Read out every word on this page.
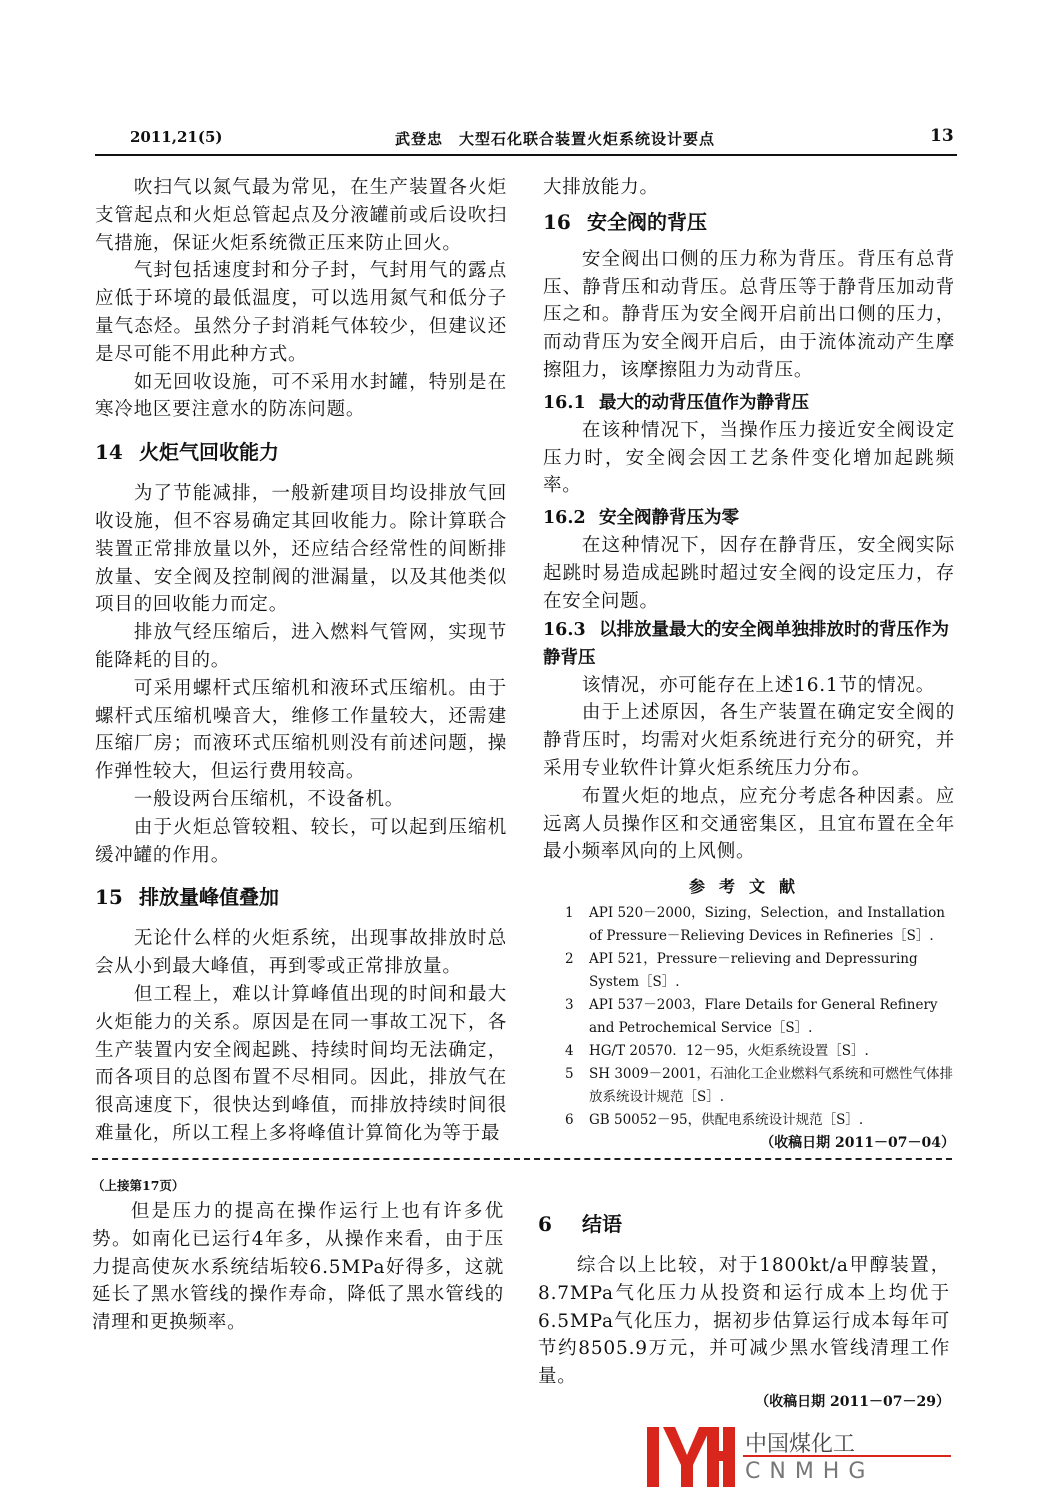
2011,21(5)	武登忠　大型石化联合装置火炬系统设计要点	13

吹扫气以氮气最为常见，在生产装置各火炬支管起点和火炬总管起点及分液罐前或后设吹扫气措施，保证火炬系统微正压来防止回火。

气封包括速度封和分子封，气封用气的露点应低于环境的最低温度，可以选用氮气和低分子量气态烃。虽然分子封消耗气体较少，但建议还是尽可能不用此种方式。

如无回收设施，可不采用水封罐，特别是在寒冷地区要注意水的防冻问题。

14 火炬气回收能力

为了节能减排，一般新建项目均设排放气回收设施，但不容易确定其回收能力。除计算联合装置正常排放量以外，还应结合经常性的间断排放量、安全阀及控制阀的泄漏量，以及其他类似项目的回收能力而定。

排放气经压缩后，进入燃料气管网，实现节能降耗的目的。

可采用螺杆式压缩机和液环式压缩机。由于螺杆式压缩机噪音大，维修工作量较大，还需建压缩厂房；而液环式压缩机则没有前述问题，操作弹性较大，但运行费用较高。

一般设两台压缩机，不设备机。

由于火炬总管较粗、较长，可以起到压缩机缓冲罐的作用。

15 排放量峰值叠加

无论什么样的火炬系统，出现事故排放时总会从小到最大峰值，再到零或正常排放量。

但工程上，难以计算峰值出现的时间和最大火炬能力的关系。原因是在同一事故工况下，各生产装置内安全阀起跳、持续时间均无法确定，而各项目的总图布置不尽相同。因此，排放气在很高速度下，很快达到峰值，而排放持续时间很难量化，所以工程上多将峰值计算简化为等于最

大排放能力。

16 安全阀的背压

安全阀出口侧的压力称为背压。背压有总背压、静背压和动背压。总背压等于静背压加动背压之和。静背压为安全阀开启前出口侧的压力，而动背压为安全阀开启后，由于流体流动产生摩擦阻力，该摩擦阻力为动背压。

16.1 最大的动背压值作为静背压

在该种情况下，当操作压力接近安全阀设定压力时，安全阀会因工艺条件变化增加起跳频率。

16.2 安全阀静背压为零

在这种情况下，因存在静背压，安全阀实际起跳时易造成起跳时超过安全阀的设定压力，存在安全问题。

16.3 以排放量最大的安全阀单独排放时的背压作为静背压

该情况，亦可能存在上述16.1节的情况。

由于上述原因，各生产装置在确定安全阀的静背压时，均需对火炬系统进行充分的研究，并采用专业软件计算火炬系统压力分布。

布置火炬的地点，应充分考虑各种因素。应远离人员操作区和交通密集区，且宜布置在全年最小频率风向的上风侧。

参考文献

1 API 520－2000，Sizing，Selection，and Installation of Pressure－Relieving Devices in Refineries［S］.

2 API 521，Pressure－relieving and Depressuring System［S］.

3 API 537－2003，Flare Details for General Refinery and Petrochemical Service［S］.

4 HG/T 20570．12－95，火炬系统设置［S］.

5 SH 3009－2001，石油化工企业燃料气系统和可燃性气体排放系统设计规范［S］.

6 GB 50052－95，供配电系统设计规范［S］.

（收稿日期 2011－07－04）
（上接第17页）

但是压力的提高在操作运行上也有许多优势。如南化已运行4年多，从操作来看，由于压力提高使灰水系统结垢较6.5MPa好得多，这就延长了黑水管线的操作寿命，降低了黑水管线的清理和更换频率。

6 结语

综合以上比较，对于1800kt/a甲醇装置，8.7MPa气化压力从投资和运行成本上均优于6.5MPa气化压力，据初步估算运行成本每年可节约8505.9万元，并可减少黑水管线清理工作量。

（收稿日期 2011－07－29）
中国煤化工
CNMHG
